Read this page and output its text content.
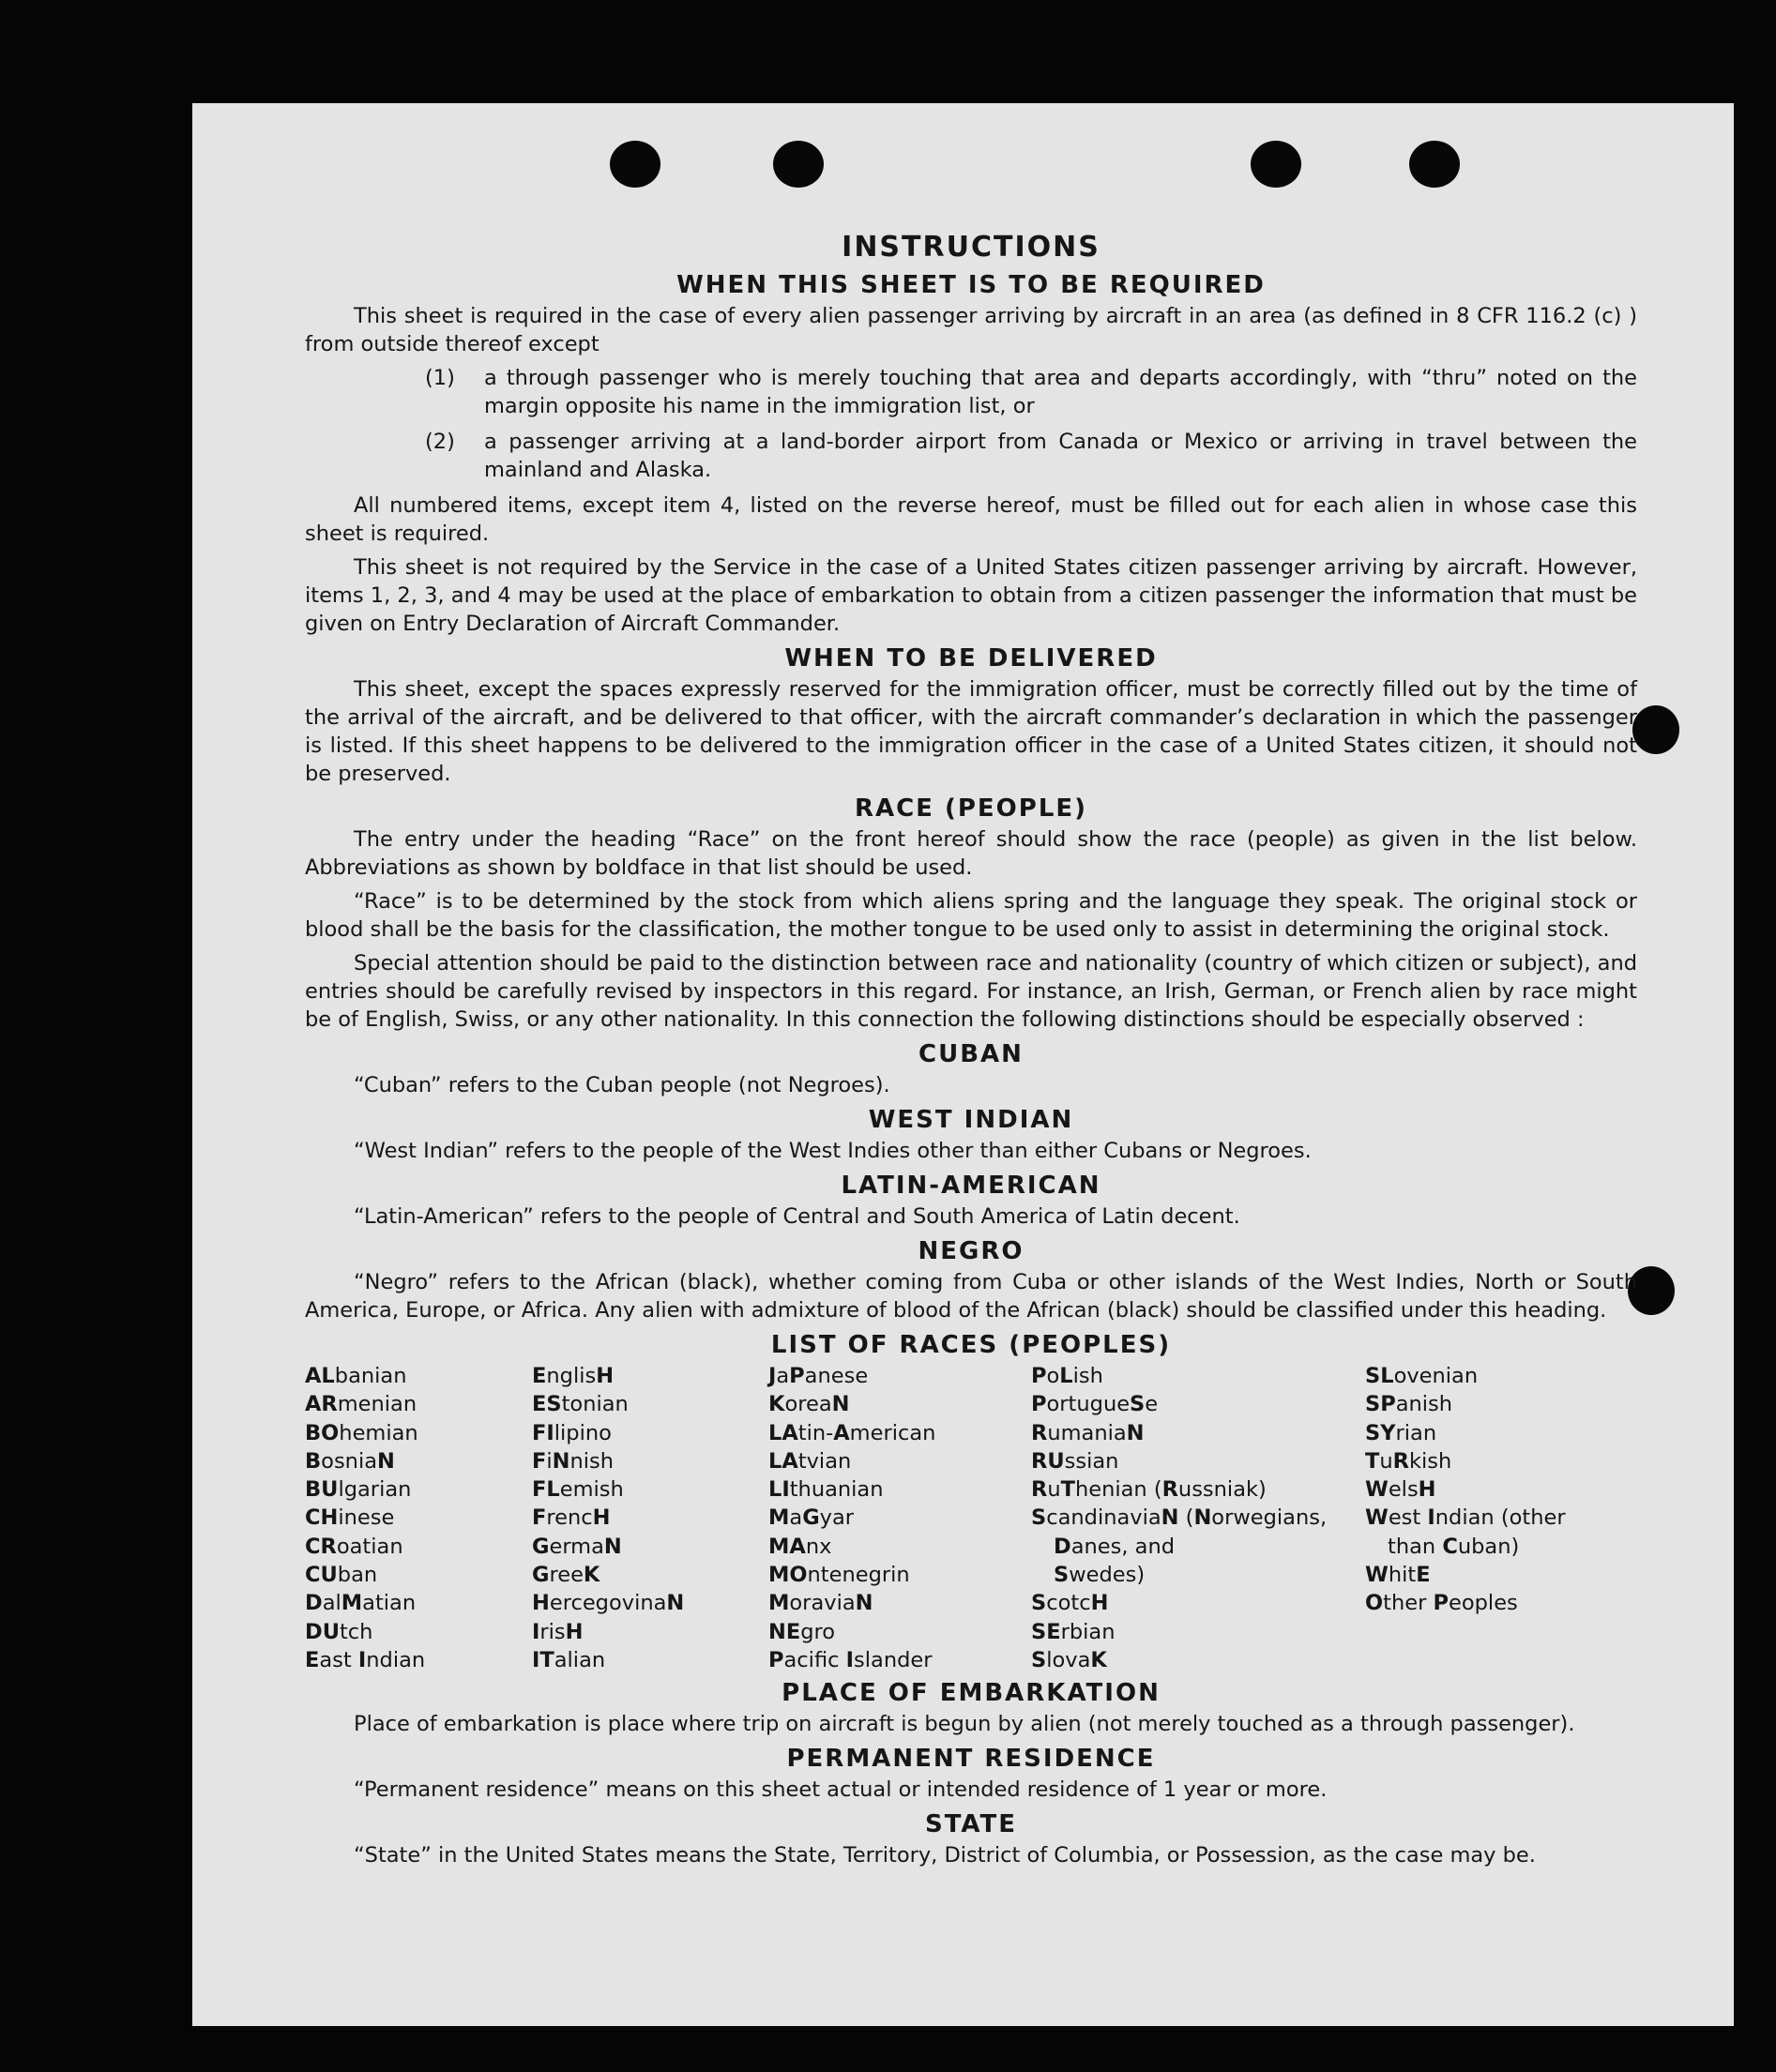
INSTRUCTIONS
WHEN THIS SHEET IS TO BE REQUIRED

This sheet is required in the case of every alien passenger arriving by aircraft in an area (as defined in 8 CFR 116.2 (c) ) from outside thereof except

(1)	a through passenger who is merely touching that area and departs accordingly, with “thru” noted on the margin opposite his name in the immigration list, or
(2)	a passenger arriving at a land-border airport from Canada or Mexico or arriving in travel between the mainland and Alaska.

All numbered items, except item 4, listed on the reverse hereof, must be filled out for each alien in whose case this sheet is required.

This sheet is not required by the Service in the case of a United States citizen passenger arriving by aircraft. However, items 1, 2, 3, and 4 may be used at the place of embarkation to obtain from a citizen passenger the information that must be given on Entry Declaration of Aircraft Commander.

WHEN TO BE DELIVERED

This sheet, except the spaces expressly reserved for the immigration officer, must be correctly filled out by the time of the arrival of the aircraft, and be delivered to that officer, with the aircraft commander’s declaration in which the passenger is listed. If this sheet happens to be delivered to the immigration officer in the case of a United States citizen, it should not be preserved.

RACE (PEOPLE)

The entry under the heading “Race” on the front hereof should show the race (people) as given in the list below. Abbreviations as shown by boldface in that list should be used.

“Race” is to be determined by the stock from which aliens spring and the language they speak. The original stock or blood shall be the basis for the classification, the mother tongue to be used only to assist in determining the original stock.

Special attention should be paid to the distinction between race and nationality (country of which citizen or subject), and entries should be carefully revised by inspectors in this regard. For instance, an Irish, German, or French alien by race might be of English, Swiss, or any other nationality. In this connection the following distinctions should be especially observed :

CUBAN

“Cuban” refers to the Cuban people (not Negroes).

WEST INDIAN

“West Indian” refers to the people of the West Indies other than either Cubans or Negroes.

LATIN-AMERICAN

“Latin-American” refers to the people of Central and South America of Latin decent.

NEGRO

“Negro” refers to the African (black), whether coming from Cuba or other islands of the West Indies, North or South America, Europe, or Africa. Any alien with admixture of blood of the African (black) should be classified under this heading.

LIST OF RACES (PEOPLES)
ALbanian
ARmenian
BOhemian
BosniaN
BUlgarian
CHinese
CRoatian
CUban
DalMatian
DUtch
East Indian
EnglisH
EStonian
FIlipino
FiNnish
FLemish
FrencH
GermaN
GreeK
HercegovinaN
IrisH
ITalian
JaPanese
KoreaN
LAtin-American
LAtvian
LIthuanian
MaGyar
MAnx
MOntenegrin
MoraviaN
NEgro
Pacifc Islander
PoLish
PortugueSe
RumaniaN
RUssian
RuThenian (Russniak)
ScandinaviaN (Norwegians,
Danes, and
Swedes)
ScotcH
SErbian
SlovaK
SLovenian
SPanish
SYrian
TuRkish
WelsH
West Indian (other
than Cuban)
WhitE
Other Peoples
PLACE OF EMBARKATION

Place of embarkation is place where trip on aircraft is begun by alien (not merely touched as a through passenger).

PERMANENT RESIDENCE

“Permanent residence” means on this sheet actual or intended residence of 1 year or more.

STATE

“State” in the United States means the State, Territory, District of Columbia, or Possession, as the case may be.
